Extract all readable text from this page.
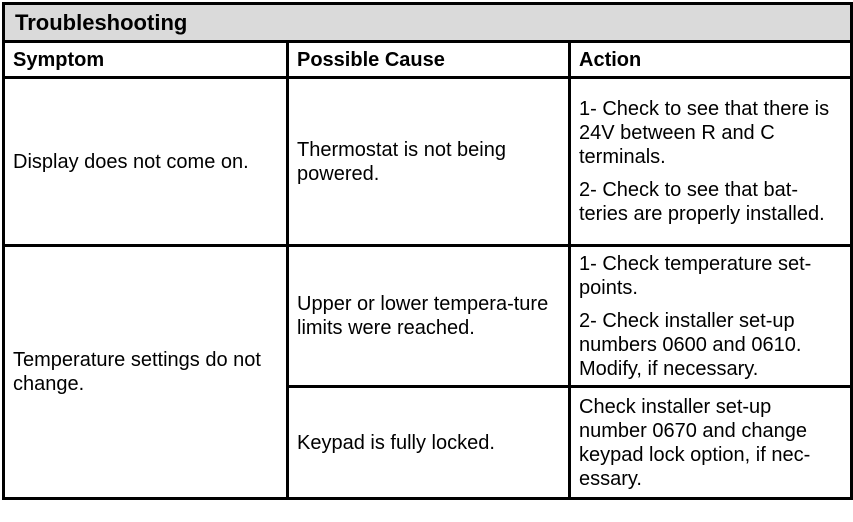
Troubleshooting		
Symptom	Possible Cause	Action
Display does not come on.	Thermostat is not being powered.	1- Check to see that there is 24V between R and C terminals.

2- Check to see that bat-teries are properly installed.

Temperature settings do not change.	Upper or lower tempera-ture limits were reached.	1- Check temperature set-points.

2- Check installer set-up numbers 0600 and 0610. Modify, if necessary.

	Keypad is fully locked.	Check installer set-up number 0670 and change keypad lock option, if nec-essary.
